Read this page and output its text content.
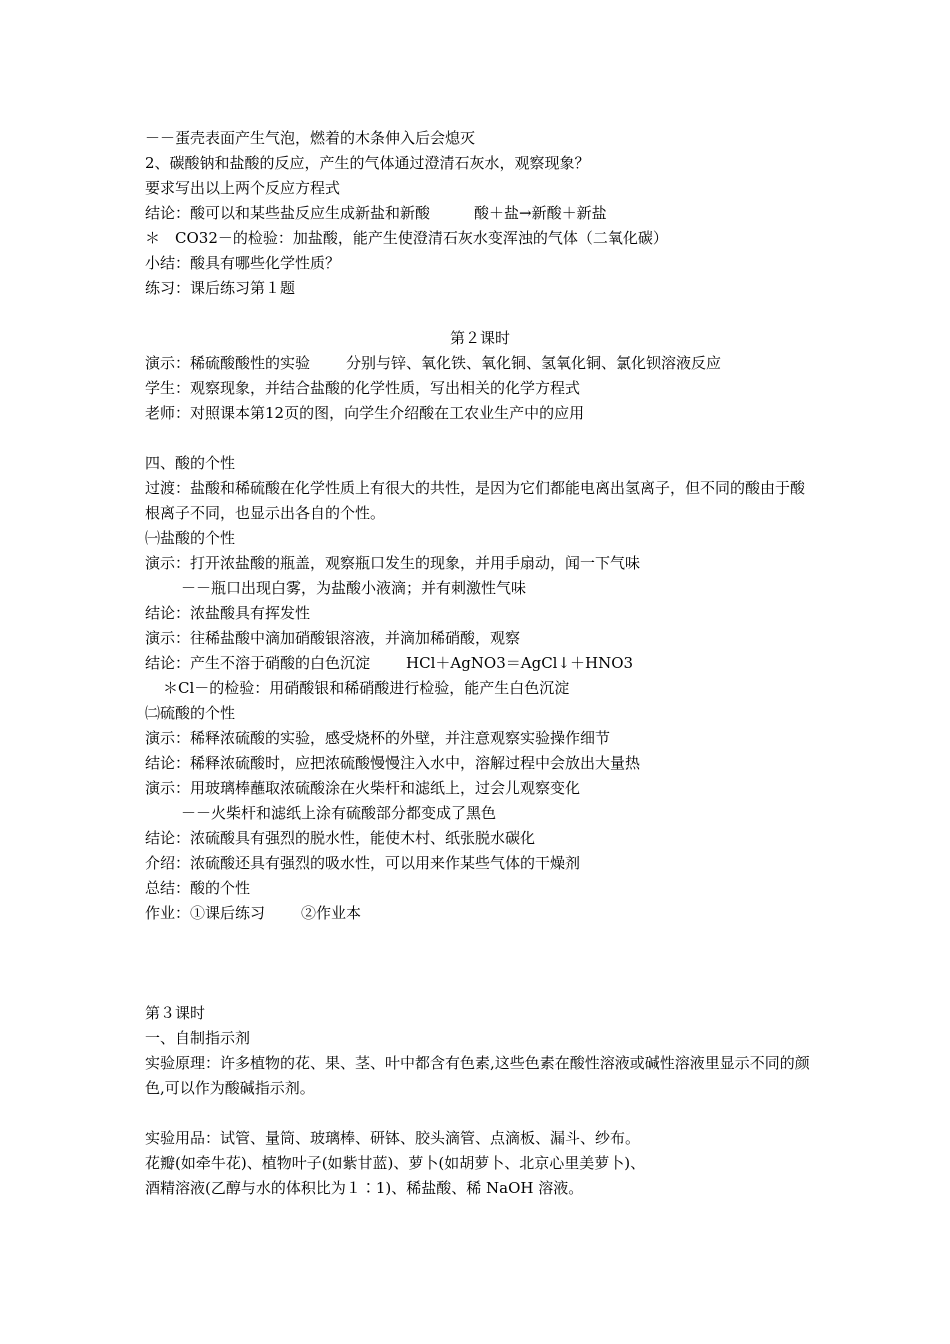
－－蛋壳表面产生气泡，燃着的木条伸入后会熄灭
2、碳酸钠和盐酸的反应，产生的气体通过澄清石灰水，观察现象？
要求写出以上两个反应方程式
结论：酸可以和某些盐反应生成新盐和新酸	酸＋盐→新酸＋新盐
＊　CO32－的检验：加盐酸，能产生使澄清石灰水变浑浊的气体（二氧化碳）
小结：酸具有哪些化学性质？
练习：课后练习第１题
第２课时
演示：稀硫酸酸性的实验 分别与锌、氧化铁、氧化铜、氢氧化铜、氯化钡溶液反应
学生：观察现象，并结合盐酸的化学性质，写出相关的化学方程式
老师：对照课本第12页的图，向学生介绍酸在工农业生产中的应用
四、酸的个性
过渡：盐酸和稀硫酸在化学性质上有很大的共性，是因为它们都能电离出氢离子，但不同的酸由于酸根离子不同，也显示出各自的个性。
㈠盐酸的个性
演示：打开浓盐酸的瓶盖，观察瓶口发生的现象，并用手扇动，闻一下气味
－－瓶口出现白雾，为盐酸小液滴；并有刺激性气味
结论：浓盐酸具有挥发性
演示：往稀盐酸中滴加硝酸银溶液，并滴加稀硝酸，观察
结论：产生不溶于硝酸的白色沉淀 HCl＋AgNO3＝AgCl↓＋HNO3
＊Cl－的检验：用硝酸银和稀硝酸进行检验，能产生白色沉淀
㈡硫酸的个性
演示：稀释浓硫酸的实验，感受烧杯的外壁，并注意观察实验操作细节
结论：稀释浓硫酸时，应把浓硫酸慢慢注入水中，溶解过程中会放出大量热
演示：用玻璃棒蘸取浓硫酸涂在火柴杆和滤纸上，过会儿观察变化
－－火柴杆和滤纸上涂有硫酸部分都变成了黑色
结论：浓硫酸具有强烈的脱水性，能使木村、纸张脱水碳化
介绍：浓硫酸还具有强烈的吸水性，可以用来作某些气体的干燥剂
总结：酸的个性
作业：①课后练习 ②作业本
第３课时
一、自制指示剂
实验原理：许多植物的花、果、茎、叶中都含有色素,这些色素在酸性溶液或碱性溶液里显示不同的颜色,可以作为酸碱指示剂。
实验用品：试管、量筒、玻璃棒、研钵、胶头滴管、点滴板、漏斗、纱布。
花瓣(如牵牛花)、植物叶子(如紫甘蓝)、萝卜(如胡萝卜、北京心里美萝卜)、
酒精溶液(乙醇与水的体积比为１∶1)、稀盐酸、稀 NaOH 溶液。
